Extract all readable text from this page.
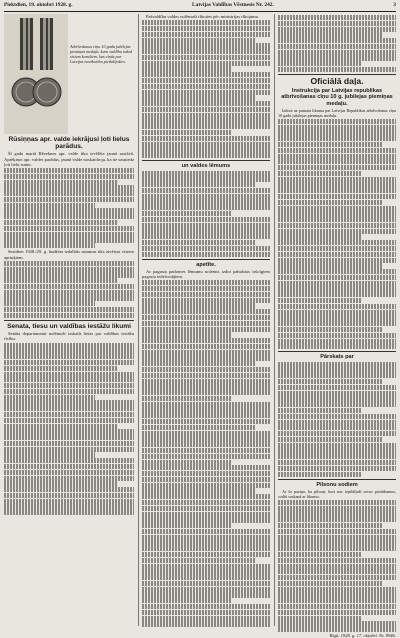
Piektdien, 19. oktobri 1928. g.	Latvijas Valdības Vēstnesis Nr. 242.	3
Atbrīvošanas cīņu 10 gadu jubilejas piemiņas medaļa, kuru valdība izdod visiem karošiem, kas cīņās par Latvijas neatkarību piedalījušies.
Rūsiņņas apr. valde iekrājusi ļoti lielus parādus.

Šī gada martā Rēzeknes apr. valde tika ievēlēta jaunā sastāvā. Aprēķinot apr. valdes parādus, jaunā valde noskaidroja, ka tie sasniedz ļoti lielu sumu.

Sestdien 1928./29. g. budžeta izdalītās summas tiks atvērtas visiem apriņķiem.

Senata, tiesu un valdības iestāžu likumi

Senāta departamenti nolēmuši izskatīt lietas par valdības iestāžu rīcību.

Pašvaldību valdes nolēmuši rīkoties pēc ministrijas rīkojuma.

un valdes lēmums
apetīte.

Ar pagasta padomes lēmumu nolemts izdot pabalstus trūcīgiem pagasta iedzīvotājiem.

Oficiālā daļa.
Instrukcija par Latvijas republikas atbrīvošanas cīņu 10 g. jubilejas piemiņas medaļu.

Izdota uz pamata likuma par Latvijas Republikas atbrīvošanas cīņu 10 gadu jubilejas piemiņas medaļu.

Pārskats par
Pilsonu sodiem

Ar šo paziņo, ka pilsoņi, kuri nav izpildījuši savus pienākumus, sodīti saskaņā ar likumu.

Rīgā, 1928. g. 17. oktobrī. Nr. 8946.
